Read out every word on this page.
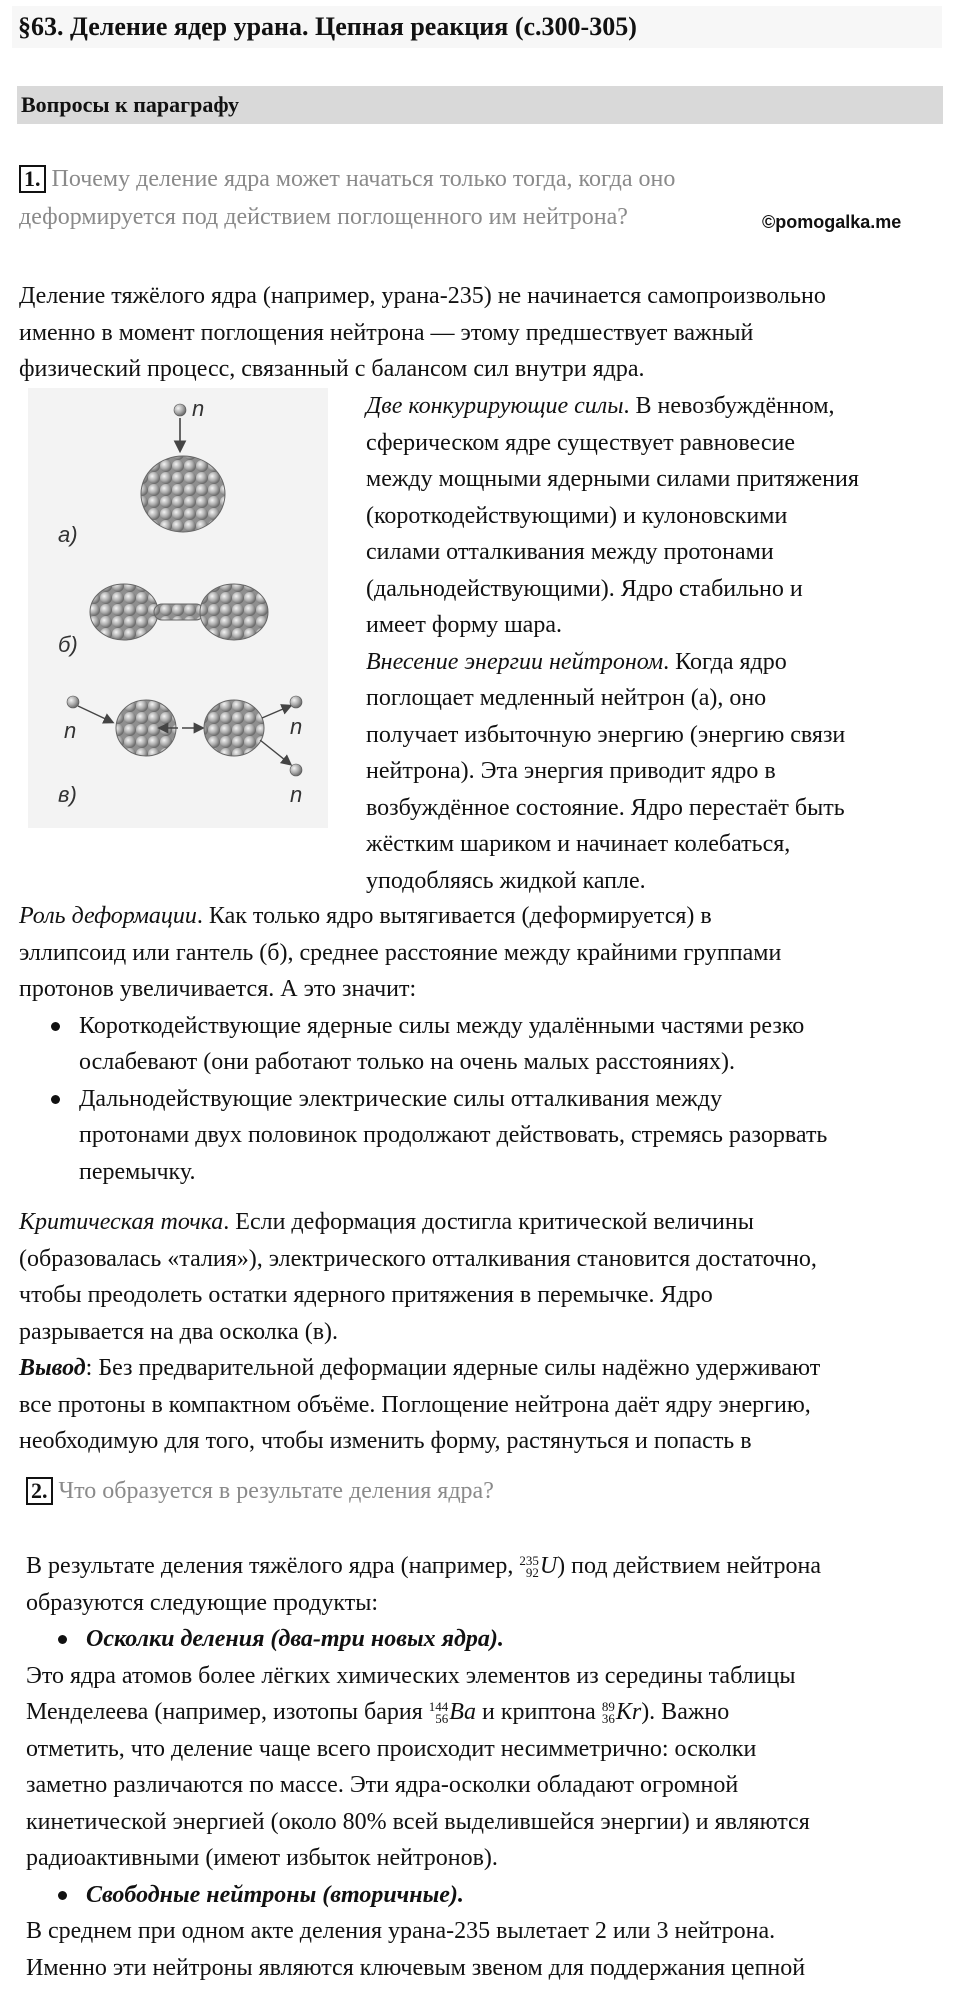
§63. Деление ядер урана. Цепная реакция (с.300-305)
Вопросы к параграфу
1. Почему деление ядра может начаться только тогда, когда оно
деформируется под действием поглощенного им нейтрона?	©pomogalka.me

Деление тяжёлого ядра (например, урана-235) не начинается самопроизвольно

именно в момент поглощения нейтрона — этому предшествует важный

физический процесс, связанный с балансом сил внутри ядра.

n
а)
б)
n	n
n
в)

Две конкурирующие силы. В невозбуждённом,

сферическом ядре существует равновесие

между мощными ядерными силами притяжения

(короткодействующими) и кулоновскими

силами отталкивания между протонами

(дальнодействующими). Ядро стабильно и

имеет форму шара.

Внесение энергии нейтроном. Когда ядро

поглощает медленный нейтрон (а), оно

получает избыточную энергию (энергию связи

нейтрона). Эта энергия приводит ядро в

возбуждённое состояние. Ядро перестаёт быть

жёстким шариком и начинает колебаться,

уподобляясь жидкой капле.

Роль деформации. Как только ядро вытягивается (деформируется) в

эллипсоид или гантель (б), среднее расстояние между крайними группами

протонов увеличивается. А это значит:

Короткодействующие ядерные силы между удалёнными частями резко
ослабевают (они работают только на очень малых расстояниях).
Дальнодействующие электрические силы отталкивания между
протонами двух половинок продолжают действовать, стремясь разорвать
перемычку.

Критическая точка. Если деформация достигла критической величины

(образовалась «талия»), электрического отталкивания становится достаточно,

чтобы преодолеть остатки ядерного притяжения в перемычке. Ядро

разрывается на два осколка (в).

Вывод: Без предварительной деформации ядерные силы надёжно удерживают

все протоны в компактном объёме. Поглощение нейтрона даёт ядру энергию,

необходимую для того, чтобы изменить форму, растянуться и попасть в

2. Что образуется в результате деления ядра?

В результате деления тяжёлого ядра (например, 235
92 U) под действием нейтрона

образуются следующие продукты:

Осколки деления (два-три новых ядра).

Это ядра атомов более лёгких химических элементов из середины таблицы

Менделеева (например, изотопы бария 144
56 Ba и криптона 89
36 Kr). Важно

отметить, что деление чаще всего происходит несимметрично: осколки

заметно различаются по массе. Эти ядра-осколки обладают огромной

кинетической энергией (около 80% всей выделившейся энергии) и являются

радиоактивными (имеют избыток нейтронов).

Свободные нейтроны (вторичные).

В среднем при одном акте деления урана-235 вылетает 2 или 3 нейтрона.

Именно эти нейтроны являются ключевым звеном для поддержания цепной
